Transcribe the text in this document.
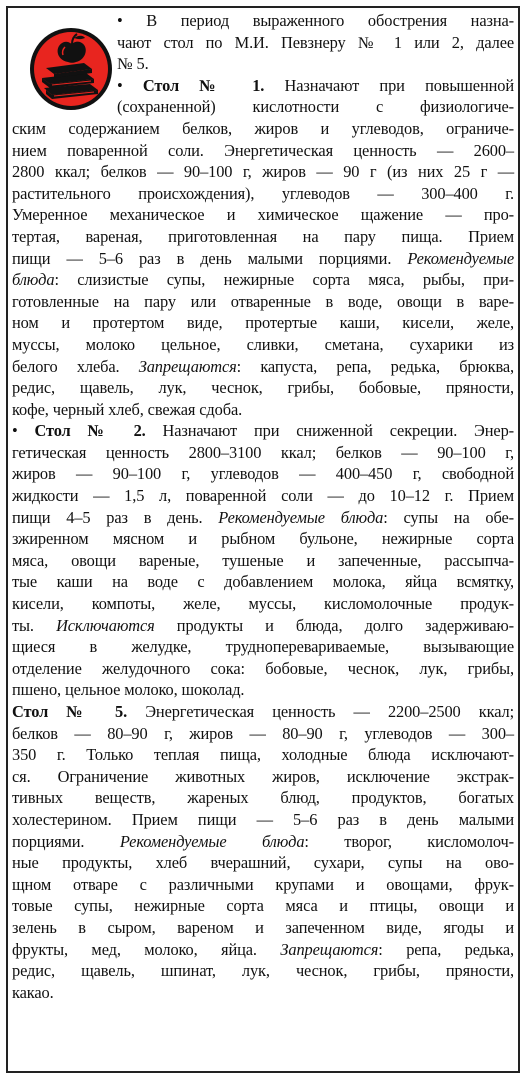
• В период выраженного обострения назна-
чают стол по М.И. Певзнеру № 1 или 2, далее
№ 5.
• Стол № 1. Назначают при повышенной
(сохраненной) кислотности с физиологиче-
ским содержанием белков, жиров и углеводов, ограниче-
нием поваренной соли. Энергетическая ценность — 2600–
2800 ккал; белков — 90–100 г, жиров — 90 г (из них 25 г —
растительного происхождения), углеводов — 300–400 г.
Умеренное механическое и химическое щажение — про-
тертая, вареная, приготовленная на пару пища. Прием
пищи — 5–6 раз в день малыми порциями. Рекомендуемые
блюда: слизистые супы, нежирные сорта мяса, рыбы, при-
готовленные на пару или отваренные в воде, овощи в варе-
ном и протертом виде, протертые каши, кисели, желе,
муссы, молоко цельное, сливки, сметана, сухарики из
белого хлеба. Запрещаются: капуста, репа, редька, брюква,
редис, щавель, лук, чеснок, грибы, бобовые, пряности,
кофе, черный хлеб, свежая сдоба.
• Стол № 2. Назначают при сниженной секреции. Энер-
гетическая ценность 2800–3100 ккал; белков — 90–100 г,
жиров — 90–100 г, углеводов — 400–450 г, свободной
жидкости — 1,5 л, поваренной соли — до 10–12 г. Прием
пищи 4–5 раз в день. Рекомендуемые блюда: супы на обе-
зжиренном мясном и рыбном бульоне, нежирные сорта
мяса, овощи вареные, тушеные и запеченные, рассыпча-
тые каши на воде с добавлением молока, яйца всмятку,
кисели, компоты, желе, муссы, кисломолочные продук-
ты. Исключаются продукты и блюда, долго задерживаю-
щиеся в желудке, трудноперевариваемые, вызывающие
отделение желудочного сока: бобовые, чеснок, лук, грибы,
пшено, цельное молоко, шоколад.
Стол № 5. Энергетическая ценность — 2200–2500 ккал;
белков — 80–90 г, жиров — 80–90 г, углеводов — 300–
350 г. Только теплая пища, холодные блюда исключают-
ся. Ограничение животных жиров, исключение экстрак-
тивных веществ, жареных блюд, продуктов, богатых
холестерином. Прием пищи — 5–6 раз в день малыми
порциями. Рекомендуемые блюда: творог, кисломолоч-
ные продукты, хлеб вчерашний, сухари, супы на ово-
щном отваре с различными крупами и овощами, фрук-
товые супы, нежирные сорта мяса и птицы, овощи и
зелень в сыром, вареном и запеченном виде, ягоды и
фрукты, мед, молоко, яйца. Запрещаются: репа, редька,
редис, щавель, шпинат, лук, чеснок, грибы, пряности,
какао.
